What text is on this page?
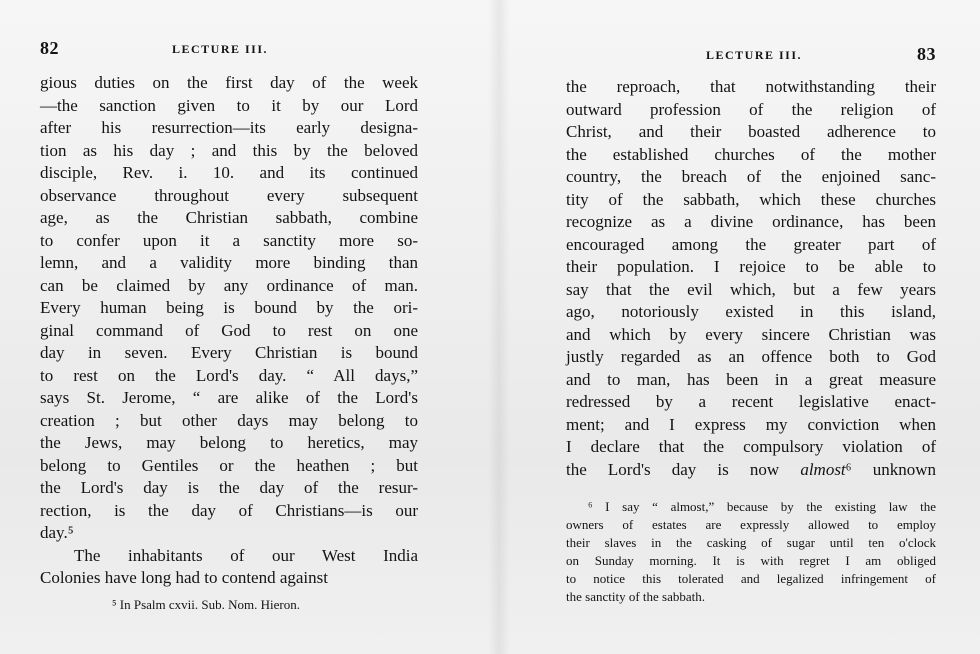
82	LECTURE III.
gious duties on the first day of the week
—the sanction given to it by our Lord
after his resurrection—its early designa-
tion as his day ; and this by the beloved
disciple, Rev. i. 10. and its continued
observance throughout every subsequent
age, as the Christian sabbath, combine
to confer upon it a sanctity more so-
lemn, and a validity more binding than
can be claimed by any ordinance of man.
Every human being is bound by the ori-
ginal command of God to rest on one
day in seven. Every Christian is bound
to rest on the Lord's day. “ All days,”
says St. Jerome, “ are alike of the Lord's
creation ; but other days may belong to
the Jews, may belong to heretics, may
belong to Gentiles or the heathen ; but
the Lord's day is the day of the resur-
rection, is the day of Christians—is our
day.⁵
The inhabitants of our West India
Colonies have long had to contend against
⁵ In Psalm cxvii. Sub. Nom. Hieron.
LECTURE III.	83
the reproach, that notwithstanding their
outward profession of the religion of
Christ, and their boasted adherence to
the established churches of the mother
country, the breach of the enjoined sanc-
tity of the sabbath, which these churches
recognize as a divine ordinance, has been
encouraged among the greater part of
their population. I rejoice to be able to
say that the evil which, but a few years
ago, notoriously existed in this island,
and which by every sincere Christian was
justly regarded as an offence both to God
and to man, has been in a great measure
redressed by a recent legislative enact-
ment; and I express my conviction when
I declare that the compulsory violation of
the Lord's day is now almost⁶ unknown
⁶ I say “ almost,” because by the existing law the
owners of estates are expressly allowed to employ
their slaves in the casking of sugar until ten o'clock
on Sunday morning. It is with regret I am obliged
to notice this tolerated and legalized infringement of
the sanctity of the sabbath.
